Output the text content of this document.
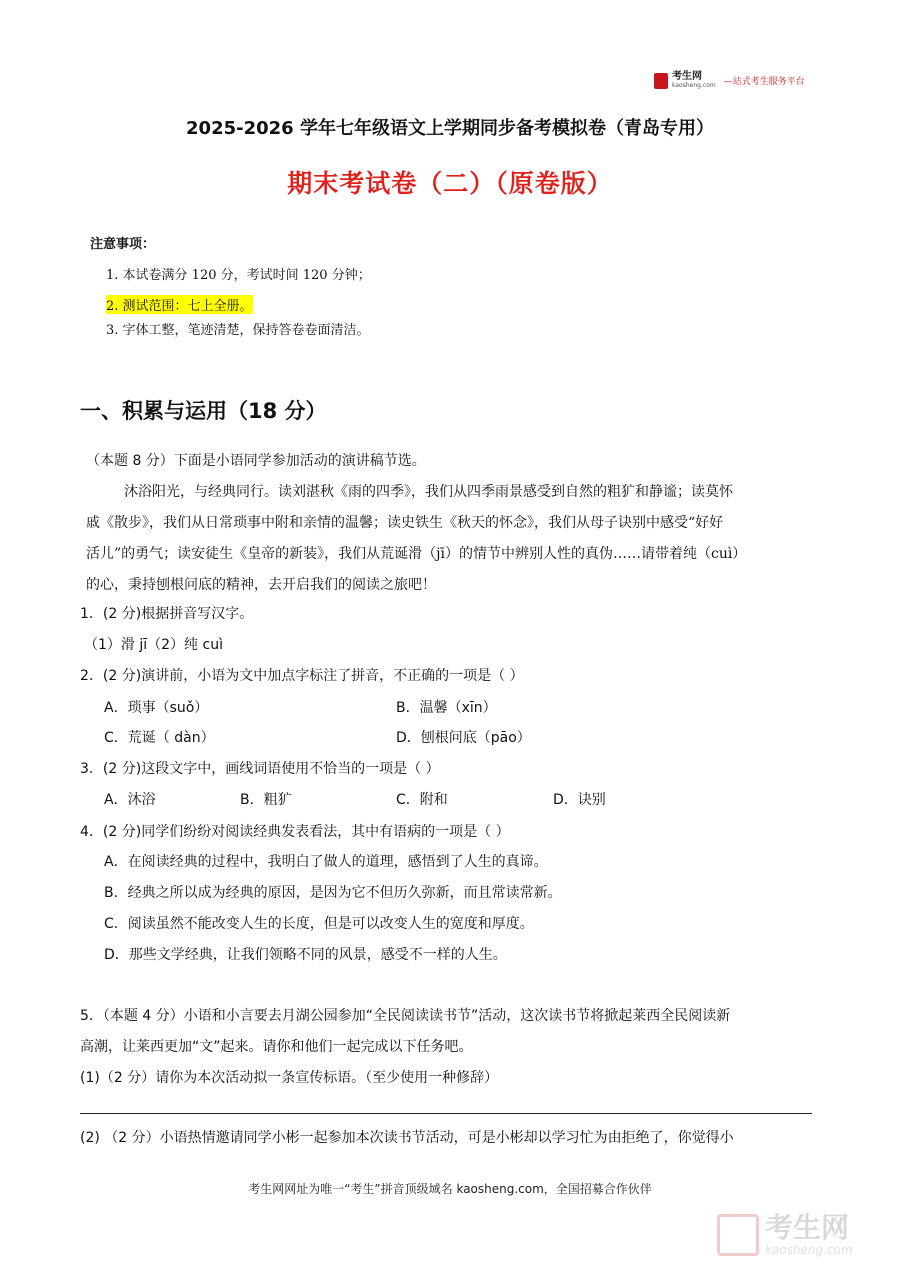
考生网
kaosheng.com —站式考生服务平台
2025-2026 学年七年级语文上学期同步备考模拟卷（青岛专用）
期末考试卷（二）（原卷版）
注意事项：
1. 本试卷满分 120 分，考试时间 120 分钟；
2. 测试范围：七上全册。
3. 字体工整，笔迹清楚，保持答卷卷面清洁。
一、积累与运用（18 分）
（本题 8 分）下面是小语同学参加活动的演讲稿节选。
沐浴阳光，与经典同行。读刘湛秋《雨的四季》，我们从四季雨景感受到自然的粗犷和静谧；读莫怀
戚《散步》，我们从日常琐事中附和亲情的温馨；读史铁生《秋天的怀念》，我们从母子诀别中感受“好好
活儿”的勇气；读安徒生《皇帝的新装》，我们从荒诞滑（jī）的情节中辨别人性的真伪……请带着纯（cuì）
的心，秉持刨根问底的精神，去开启我们的阅读之旅吧！
1．(2 分)根据拼音写汉字。
（1）滑 jī（2）纯 cuì
2．(2 分)演讲前，小语为文中加点字标注了拼音，不正确的一项是（ ）
A．琐事（suǒ）	B．温馨（xīn）
C．荒诞（ dàn）	D．刨根问底（pāo）
3．(2 分)这段文字中，画线词语使用不恰当的一项是（ ）
A．沐浴	B．粗犷	C．附和	D．诀别
4．(2 分)同学们纷纷对阅读经典发表看法，其中有语病的一项是（ ）
A．在阅读经典的过程中，我明白了做人的道理，感悟到了人生的真谛。
B．经典之所以成为经典的原因，是因为它不但历久弥新，而且常读常新。
C．阅读虽然不能改变人生的长度，但是可以改变人生的宽度和厚度。
D．那些文学经典，让我们领略不同的风景，感受不一样的人生。
5．（本题 4 分）小语和小言要去月湖公园参加“全民阅读读书节”活动，这次读书节将掀起莱西全民阅读新
高潮，让莱西更加“文”起来。请你和他们一起完成以下任务吧。
(1)（2 分）请你为本次活动拟一条宣传标语。（至少使用一种修辞）
(2) （2 分）小语热情邀请同学小彬一起参加本次读书节活动，可是小彬却以学习忙为由拒绝了，你觉得小
考生网网址为唯一“考生”拼音顶级域名 kaosheng.com，全国招募合作伙伴
考生网
kaosheng.com
